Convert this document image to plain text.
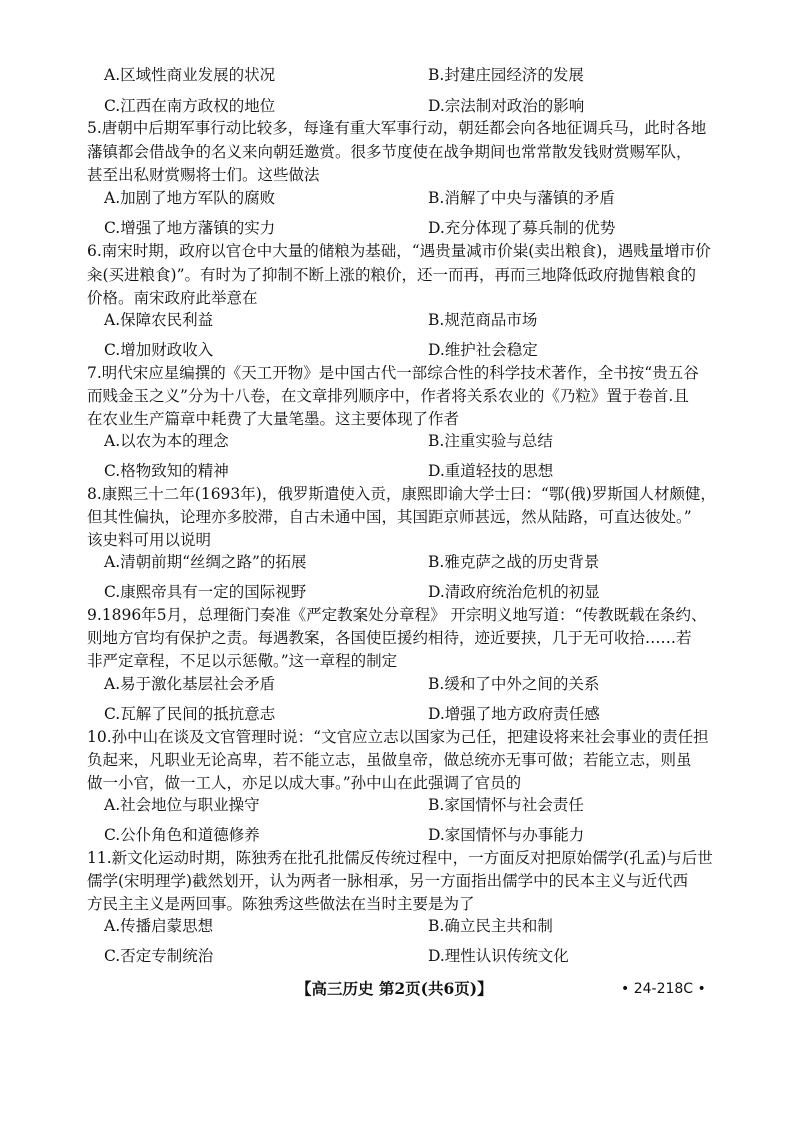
A.区域性商业发展的状况	B.封建庄园经济的发展
C.江西在南方政权的地位	D.宗法制对政治的影响
5.唐朝中后期军事行动比较多，每逢有重大军事行动，朝廷都会向各地征调兵马，此时各地
藩镇都会借战争的名义来向朝廷邀赏。很多节度使在战争期间也常常散发钱财赏赐军队，
甚至出私财赏赐将士们。这些做法
A.加剧了地方军队的腐败	B.消解了中央与藩镇的矛盾
C.增强了地方藩镇的实力	D.充分体现了募兵制的优势
6.南宋时期，政府以官仓中大量的储粮为基础，“遇贵量减市价粜(卖出粮食)，遇贱量增市价
籴(买进粮食)”。有时为了抑制不断上涨的粮价，还一而再，再而三地降低政府抛售粮食的
价格。南宋政府此举意在
A.保障农民利益	B.规范商品市场
C.增加财政收入	D.维护社会稳定
7.明代宋应星编撰的《天工开物》是中国古代一部综合性的科学技术著作，全书按“贵五谷
而贱金玉之义”分为十八卷，在文章排列顺序中，作者将关系农业的《乃粒》置于卷首.且
在农业生产篇章中耗费了大量笔墨。这主要体现了作者
A.以农为本的理念	B.注重实验与总结
C.格物致知的精神	D.重道轻技的思想
8.康熙三十二年(1693年)，俄罗斯遣使入贡，康熙即谕大学士曰：“鄂(俄)罗斯国人材颇健，
但其性偏执，论理亦多胶滞，自古未通中国，其国距京师甚远，然从陆路，可直达彼处。”
该史料可用以说明
A.清朝前期“丝绸之路”的拓展	B.雅克萨之战的历史背景
C.康熙帝具有一定的国际视野	D.清政府统治危机的初显
9.1896年5月，总理衙门奏准《严定教案处分章程》 开宗明义地写道：“传教既载在条约、
则地方官均有保护之责。每遇教案，各国使臣援约相待，迹近要挟，几于无可收拾……若
非严定章程，不足以示惩儆。”这一章程的制定
A.易于激化基层社会矛盾	B.缓和了中外之间的关系
C.瓦解了民间的抵抗意志	D.增强了地方政府责任感
10.孙中山在谈及文官管理时说：“文官应立志以国家为己任，把建设将来社会事业的责任担
负起来，凡职业无论高卑，若不能立志，虽做皇帝，做总统亦无事可做；若能立志，则虽
做一小官，做一工人，亦足以成大事。”孙中山在此强调了官员的
A.社会地位与职业操守	B.家国情怀与社会责任
C.公仆角色和道德修养	D.家国情怀与办事能力
11.新文化运动时期，陈独秀在批孔批儒反传统过程中，一方面反对把原始儒学(孔孟)与后世
儒学(宋明理学)截然划开，认为两者一脉相承，另一方面指出儒学中的民本主义与近代西
方民主主义是两回事。陈独秀这些做法在当时主要是为了
A.传播启蒙思想	B.确立民主共和制
C.否定专制统治	D.理性认识传统文化
【高三历史 第2页(共6页)】	• 24-218C •
